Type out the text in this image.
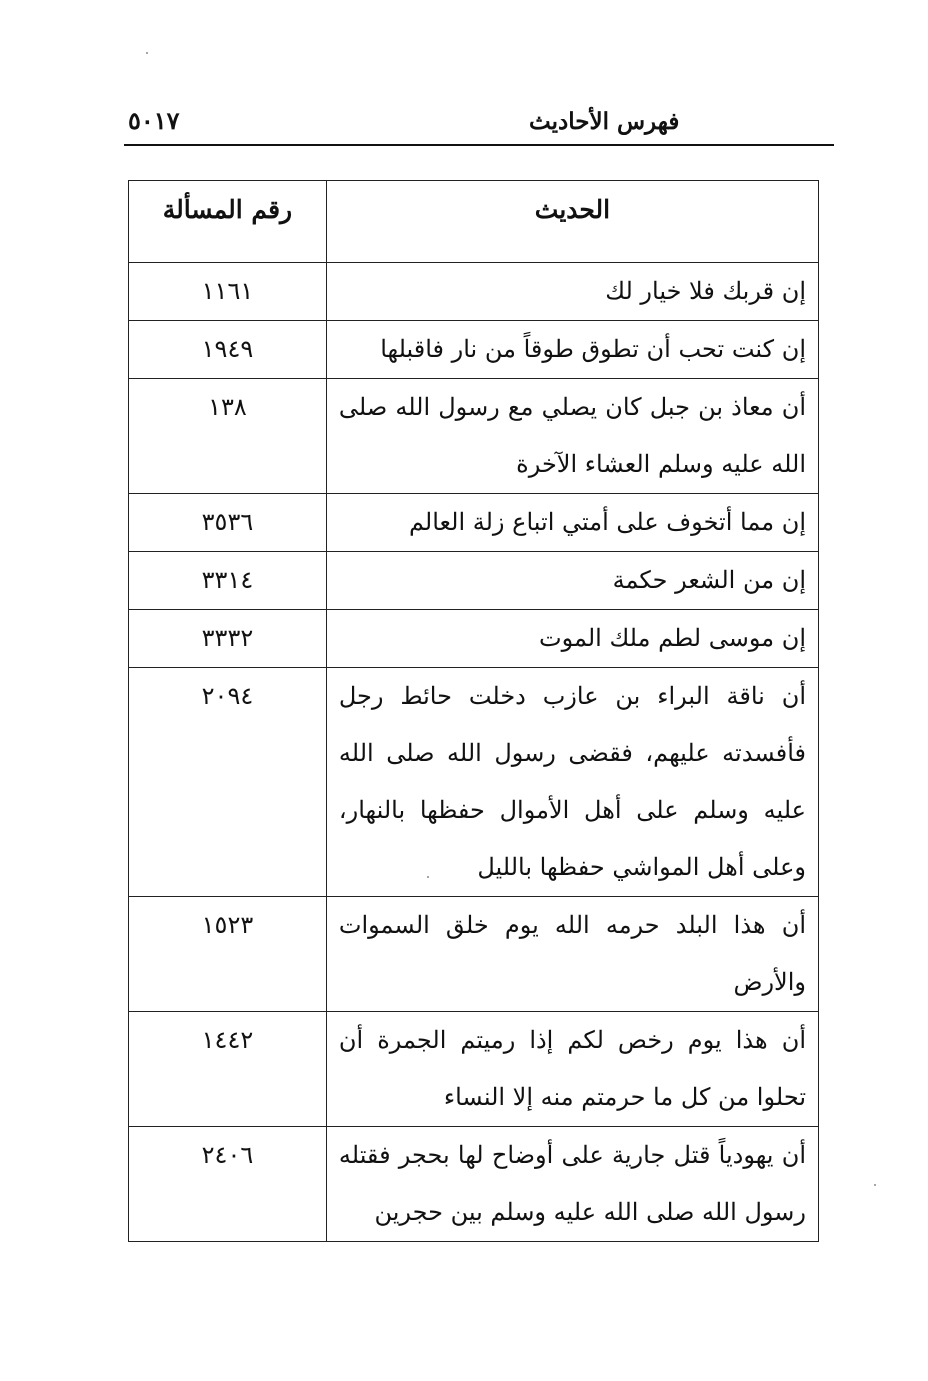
٥٠١٧	فهرس الأحاديث
الحديث	رقم المسألة
إن قربك فلا خيار لك	١١٦١
إن كنت تحب أن تطوق طوقاً من نار فاقبلها	١٩٤٩
أن معاذ بن جبل كان يصلي مع رسول الله صلى الله عليه وسلم العشاء الآخرة	١٣٨
إن مما أتخوف على أمتي اتباع زلة العالم	٣٥٣٦
إن من الشعر حكمة	٣٣١٤
إن موسى لطم ملك الموت	٣٣٣٢
أن ناقة البراء بن عازب دخلت حائط رجل فأفسدته عليهم، فقضى رسول الله صلى الله عليه وسلم على أهل الأموال حفظها بالنهار، وعلى أهل المواشي حفظها بالليل	٢٠٩٤
أن هذا البلد حرمه الله يوم خلق السموات والأرض	١٥٢٣
أن هذا يوم رخص لكم إذا رميتم الجمرة أن تحلوا من كل ما حرمتم منه إلا النساء	١٤٤٢
أن يهودياً قتل جارية على أوضاح لها بحجر فقتله رسول الله صلى الله عليه وسلم بين حجرين	٢٤٠٦
